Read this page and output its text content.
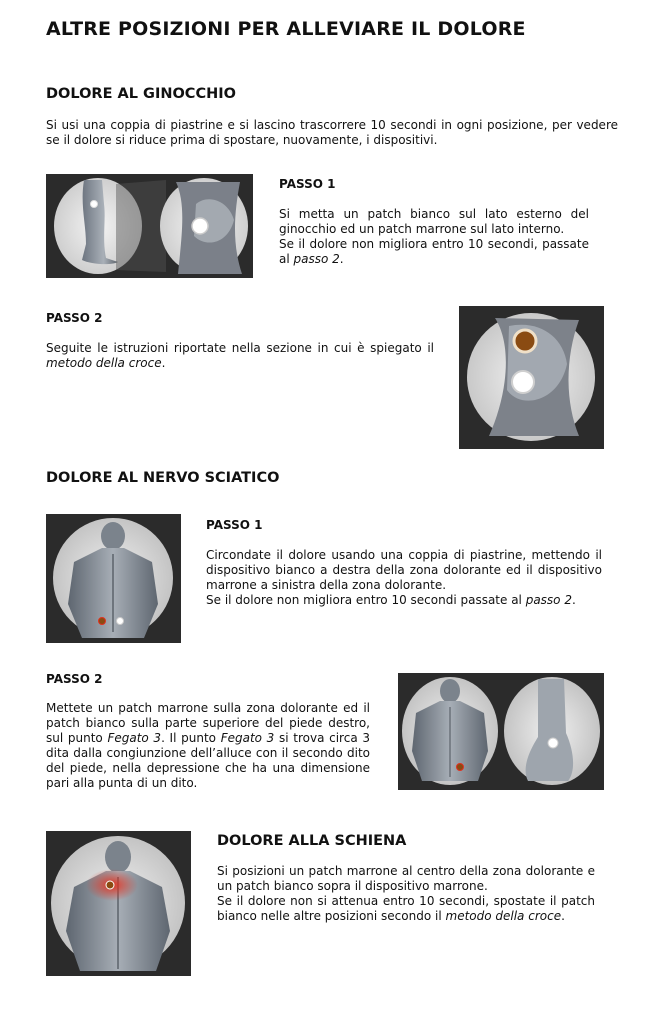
ALTRE POSIZIONI PER ALLEVIARE IL DOLORE
DOLORE AL GINOCCHIO

Si usi una coppia di piastrine e si lascino trascorrere 10 secondi in ogni posizione, per vedere se il dolore si riduce prima di spostare, nuovamente, i dispositivi.

PASSO 1

Si metta un patch bianco sul lato esterno del ginocchio ed un patch marrone sul lato interno.

Se il dolore non migliora entro 10 secondi, passate al passo 2.

PASSO 2

Seguite le istruzioni riportate nella sezione in cui è spiegato il metodo della croce.

DOLORE AL NERVO SCIATICO
PASSO 1

Circondate il dolore usando una coppia di piastrine, mettendo il dispositivo bianco a destra della zona dolorante ed il dispositivo marrone a sinistra della zona dolorante.

Se il dolore non migliora entro 10 secondi passate al passo 2.

PASSO 2

Mettete un patch marrone sulla zona dolorante ed il patch bianco sulla parte superiore del piede destro, sul punto Fegato 3. Il punto Fegato 3 si trova circa 3 dita dalla congiunzione dell’alluce con il secondo dito del piede, nella depressione che ha una dimensione pari alla punta di un dito.

DOLORE ALLA SCHIENA

Si posizioni un patch marrone al centro della zona dolorante e un patch bianco sopra il dispositivo marrone.

Se il dolore non si attenua entro 10 secondi, spostate il patch bianco nelle altre posizioni secondo il metodo della croce.
